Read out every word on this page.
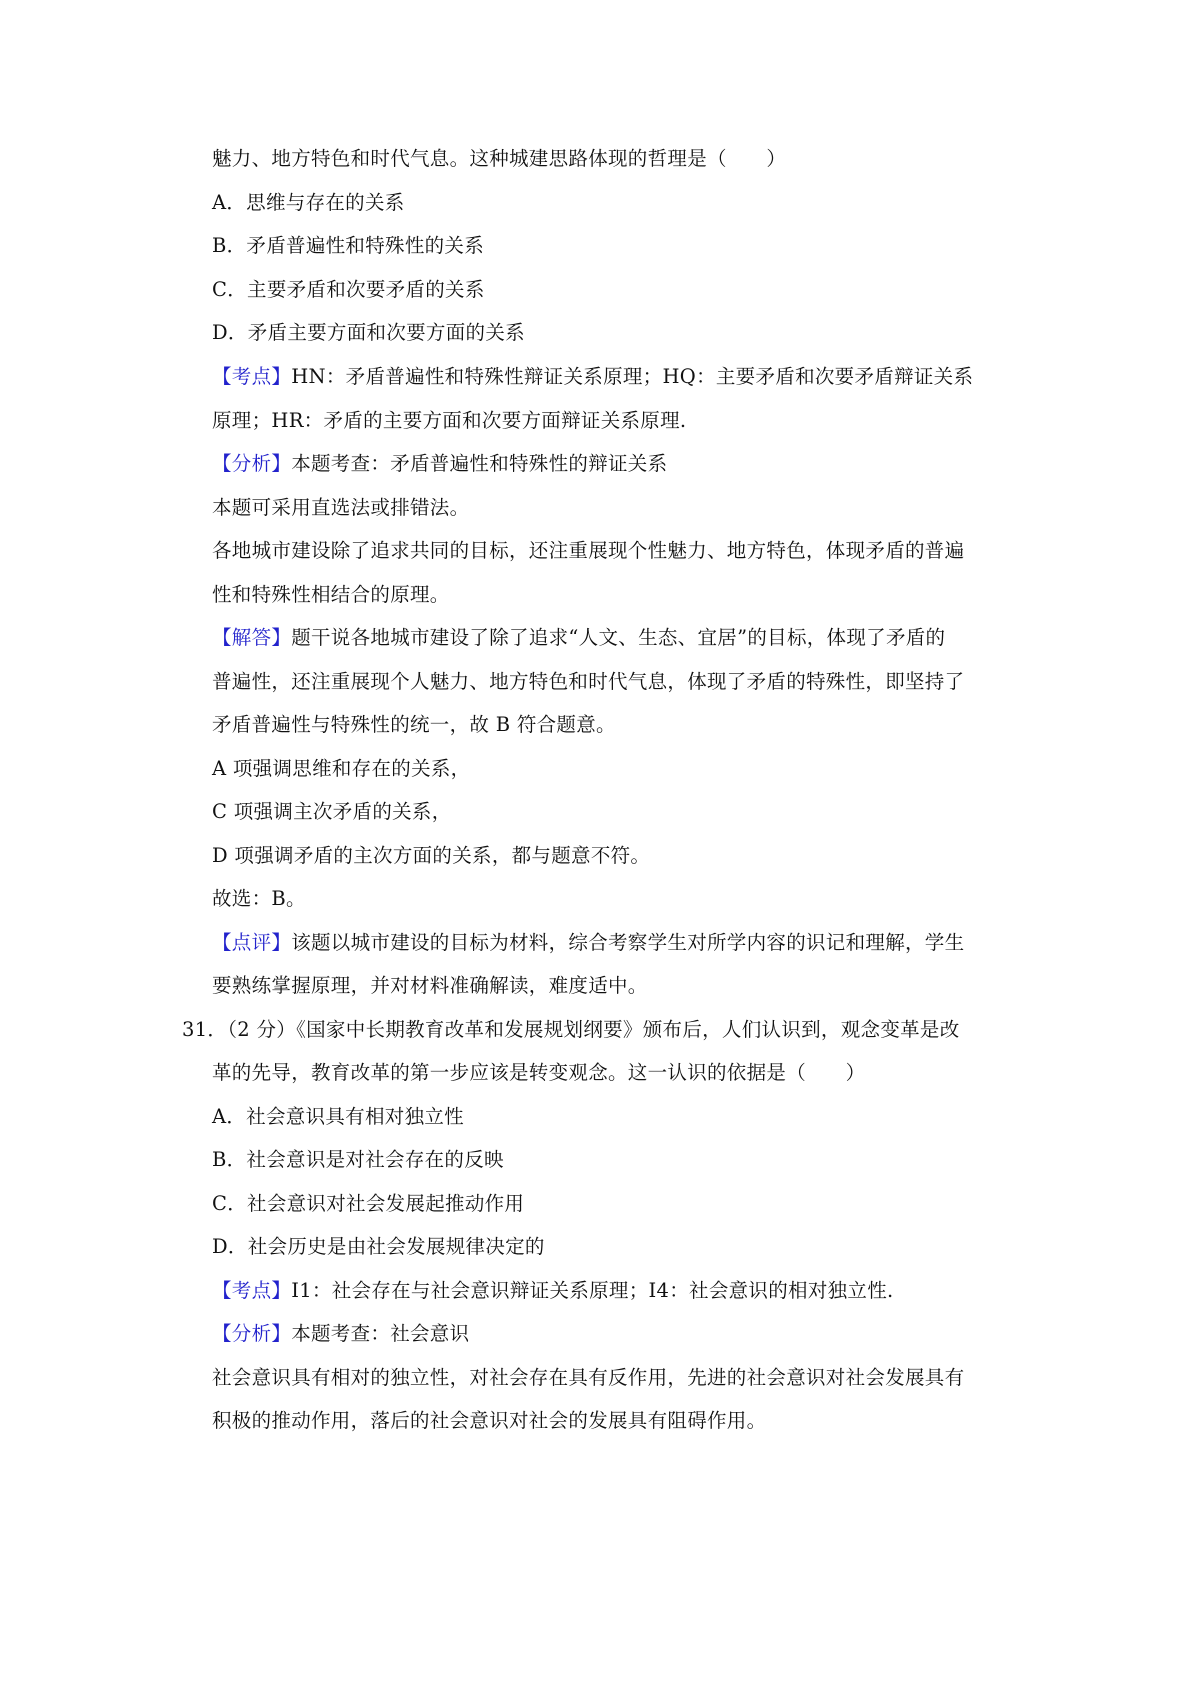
魅力、地方特色和时代气息。这种城建思路体现的哲理是（　　）
A．思维与存在的关系
B．矛盾普遍性和特殊性的关系
C．主要矛盾和次要矛盾的关系
D．矛盾主要方面和次要方面的关系
【考点】HN：矛盾普遍性和特殊性辩证关系原理；HQ：主要矛盾和次要矛盾辩证关系
原理；HR：矛盾的主要方面和次要方面辩证关系原理.
【分析】本题考查：矛盾普遍性和特殊性的辩证关系
本题可采用直选法或排错法。
各地城市建设除了追求共同的目标，还注重展现个性魅力、地方特色，体现矛盾的普遍
性和特殊性相结合的原理。
【解答】题干说各地城市建设了除了追求“人文、生态、宜居”的目标，体现了矛盾的
普遍性，还注重展现个人魅力、地方特色和时代气息，体现了矛盾的特殊性，即坚持了
矛盾普遍性与特殊性的统一，故 B 符合题意。
A 项强调思维和存在的关系，
C 项强调主次矛盾的关系，
D 项强调矛盾的主次方面的关系，都与题意不符。
故选：B。
【点评】该题以城市建设的目标为材料，综合考察学生对所学内容的识记和理解，学生
要熟练掌握原理，并对材料准确解读，难度适中。
31．（2 分）《国家中长期教育改革和发展规划纲要》颁布后，人们认识到，观念变革是改
革的先导，教育改革的第一步应该是转变观念。这一认识的依据是（　　）
A．社会意识具有相对独立性
B．社会意识是对社会存在的反映
C．社会意识对社会发展起推动作用
D．社会历史是由社会发展规律决定的
【考点】I1：社会存在与社会意识辩证关系原理；I4：社会意识的相对独立性.
【分析】本题考查：社会意识
社会意识具有相对的独立性，对社会存在具有反作用，先进的社会意识对社会发展具有
积极的推动作用，落后的社会意识对社会的发展具有阻碍作用。
